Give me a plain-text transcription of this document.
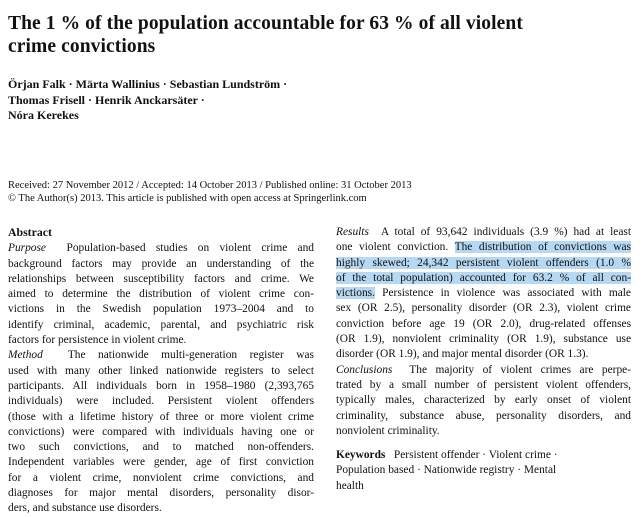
The 1 % of the population accountable for 63 % of all violent
crime convictions
Örjan Falk · Märta Wallinius · Sebastian Lundström ·
Thomas Frisell · Henrik Anckarsäter ·
Nóra Kerekes
Received: 27 November 2012 / Accepted: 14 October 2013 / Published online: 31 October 2013
© The Author(s) 2013. This article is published with open access at Springerlink.com
Abstract
Purpose Population-based studies on violent crime and
background factors may provide an understanding of the
relationships between susceptibility factors and crime. We
aimed to determine the distribution of violent crime con-
victions in the Swedish population 1973–2004 and to
identify criminal, academic, parental, and psychiatric risk
factors for persistence in violent crime.
Method The nationwide multi-generation register was
used with many other linked nationwide registers to select
participants. All individuals born in 1958–1980 (2,393,765
individuals) were included. Persistent violent offenders
(those with a lifetime history of three or more violent crime
convictions) were compared with individuals having one or
two such convictions, and to matched non-offenders.
Independent variables were gender, age of first conviction
for a violent crime, nonviolent crime convictions, and
diagnoses for major mental disorders, personality disor-
ders, and substance use disorders.
Results A total of 93,642 individuals (3.9 %) had at least
one violent conviction. The distribution of convictions was
highly skewed; 24,342 persistent violent offenders (1.0 %
of the total population) accounted for 63.2 % of all con-
victions. Persistence in violence was associated with male
sex (OR 2.5), personality disorder (OR 2.3), violent crime
conviction before age 19 (OR 2.0), drug-related offenses
(OR 1.9), nonviolent criminality (OR 1.9), substance use
disorder (OR 1.9), and major mental disorder (OR 1.3).
Conclusions The majority of violent crimes are perpe-
trated by a small number of persistent violent offenders,
typically males, characterized by early onset of violent
criminality, substance abuse, personality disorders, and
nonviolent criminality.
Keywords Persistent offender · Violent crime ·
Population based · Nationwide registry · Mental
health
